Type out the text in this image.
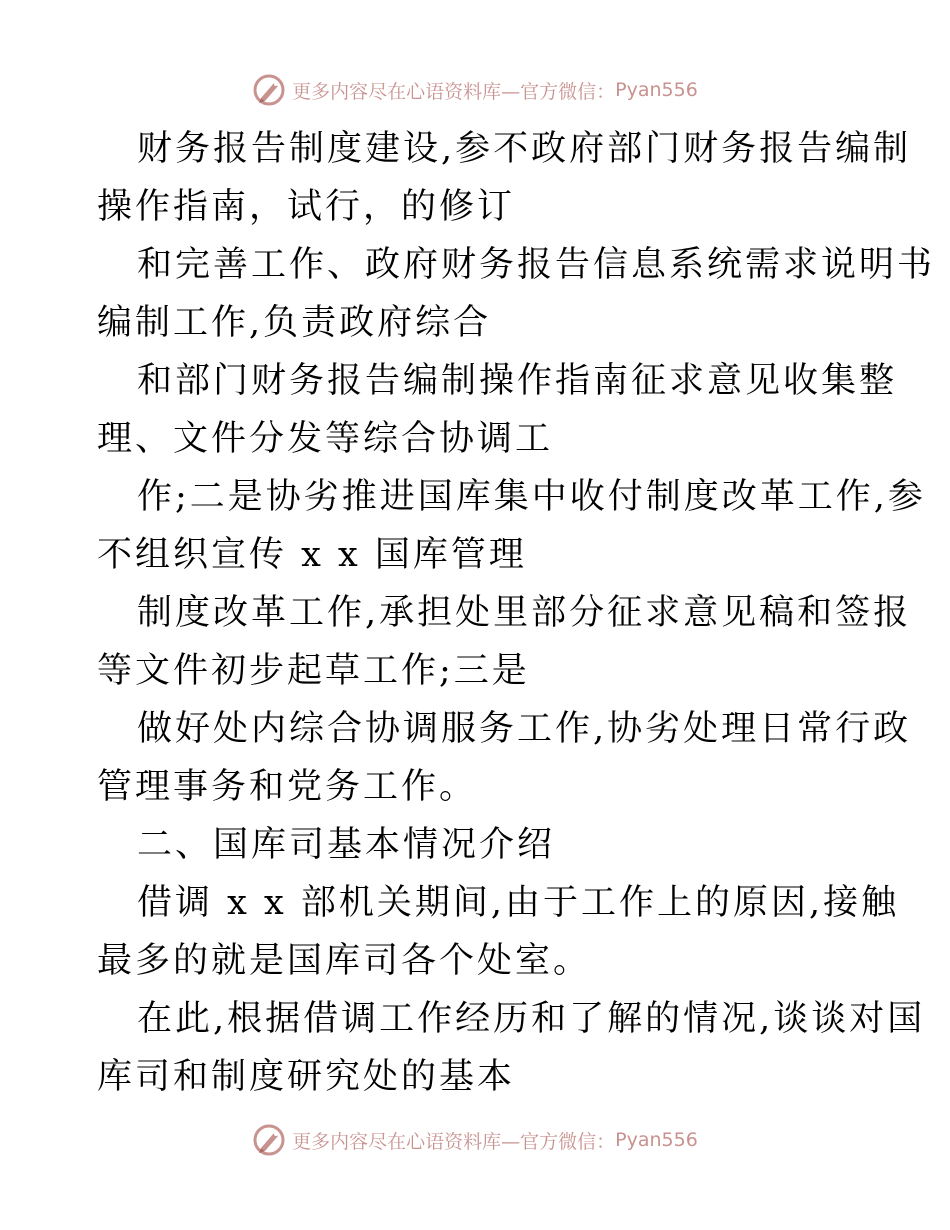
更多内容尽在心语资料库—官方微信： Pyan556
财务报告制度建设,参不政府部门财务报告编制
操作指南，试行，的修订
和完善工作、政府财务报告信息系统需求说明书
编制工作,负责政府综合
和部门财务报告编制操作指南征求意见收集整
理、文件分发等综合协调工
作;二是协劣推进国库集中收付制度改革工作,参
不组织宣传 x x 国库管理
制度改革工作,承担处里部分征求意见稿和签报
等文件初步起草工作;三是
做好处内综合协调服务工作,协劣处理日常行政
管理事务和党务工作。
二、国库司基本情况介绍
借调 x x 部机关期间,由于工作上的原因,接触
最多的就是国库司各个处室。
在此,根据借调工作经历和了解的情况,谈谈对国
库司和制度研究处的基本
更多内容尽在心语资料库—官方微信： Pyan556
